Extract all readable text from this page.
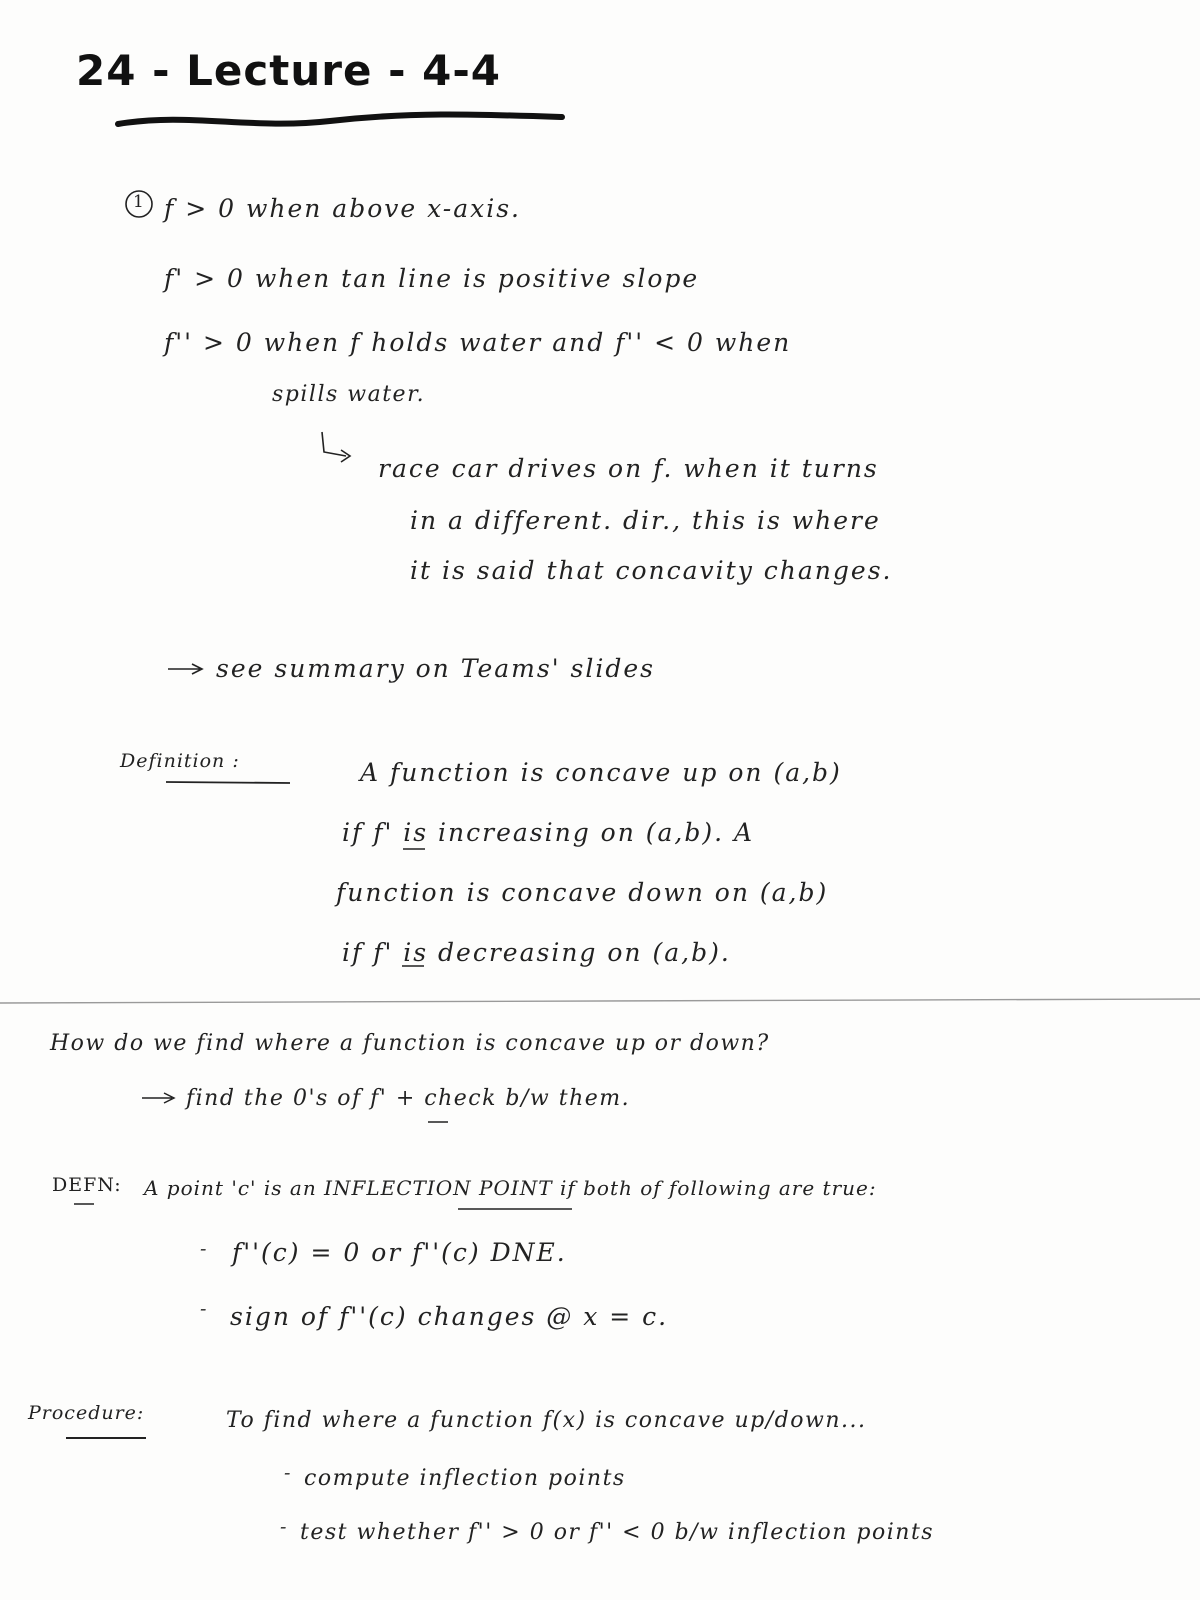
24 - Lecture - 4-4
f > 0 when above x-axis.
f' > 0 when tan line is positive slope
f'' > 0 when f holds water and f'' < 0 when
spills water.
race car drives on f. when it turns
in a different. dir., this is where
it is said that concavity changes.
see summary on Teams' slides
Definition :	A function is concave up on (a,b)
if f' is increasing on (a,b). A
function is concave down on (a,b)
if f' is decreasing on (a,b).
How do we find where a function is concave up or down?
find the 0's of f' + check b/w them.
DEFN: A point 'c' is an INFLECTION POINT if both of following are true:
f''(c) = 0 or f''(c) DNE.
sign of f''(c) changes @ x = c.
-
-
Procedure:	To find where a function f(x) is concave up/down...
- compute inflection points
- test whether f'' > 0 or f'' < 0 b/w inflection points
1
